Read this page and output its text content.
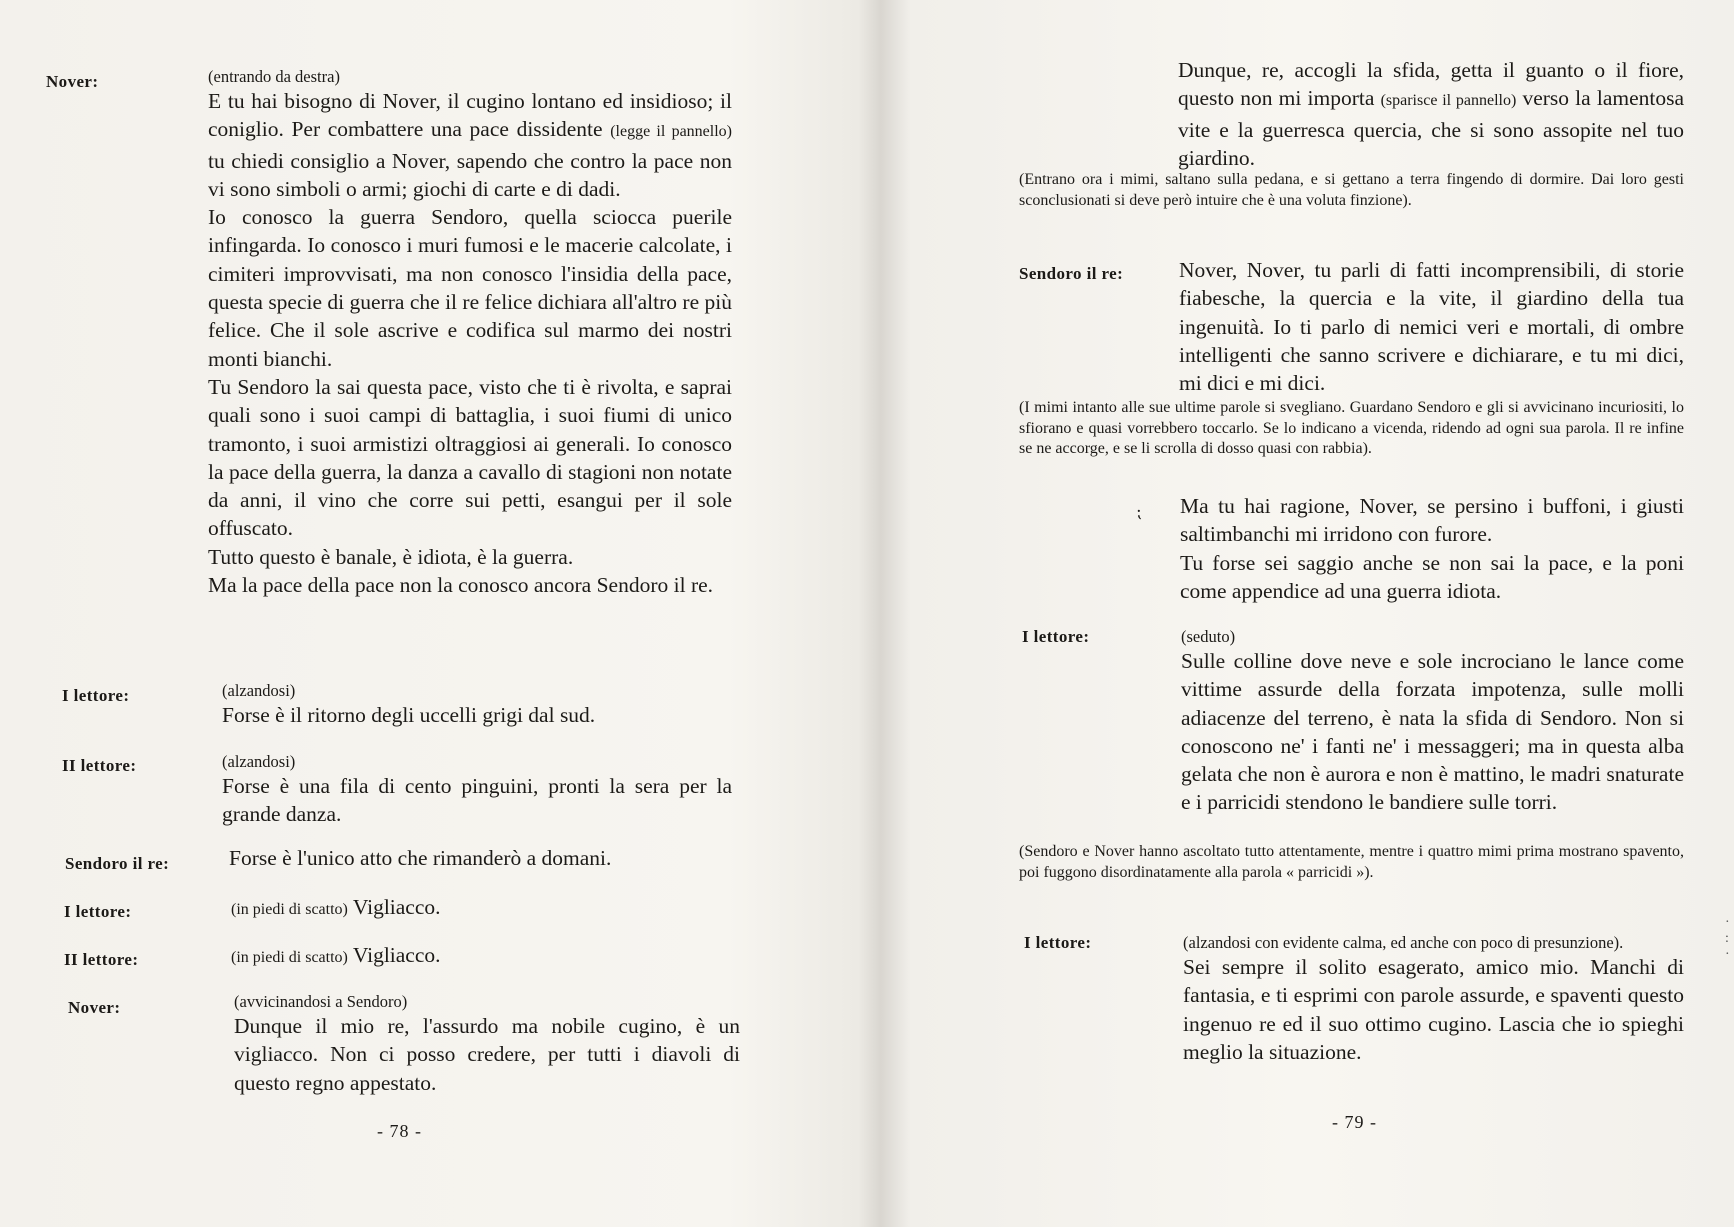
Nover:	(entrando da destra)

E tu hai bisogno di Nover, il cugino lontano ed insidioso; il coniglio. Per combattere una pace dissidente (legge il pannello) tu chiedi consiglio a Nover, sapendo che contro la pace non vi sono simboli o armi; giochi di carte e di dadi.

Io conosco la guerra Sendoro, quella sciocca puerile infingarda. Io conosco i muri fumosi e le macerie calcolate, i cimiteri improvvisati, ma non conosco l'insidia della pace, questa specie di guerra che il re felice dichiara all'altro re più felice. Che il sole ascrive e codifica sul marmo dei nostri monti bianchi.

Tu Sendoro la sai questa pace, visto che ti è rivolta, e saprai quali sono i suoi campi di battaglia, i suoi fiumi di unico tramonto, i suoi armistizi oltraggiosi ai generali. Io conosco la pace della guerra, la danza a cavallo di stagioni non notate da anni, il vino che corre sui petti, esangui per il sole offuscato.

Tutto questo è banale, è idiota, è la guerra.

Ma la pace della pace non la conosco ancora Sendoro il re.

I lettore:	(alzandosi)
Forse è il ritorno degli uccelli grigi dal sud.
II lettore:	(alzandosi)
Forse è una fila di cento pinguini, pronti la sera per la grande danza.
Sendoro il re:	Forse è l'unico atto che rimanderò a domani.
I lettore:	(in piedi di scatto) Vigliacco.
II lettore:	(in piedi di scatto) Vigliacco.
Nover:	(avvicinandosi a Sendoro)
Dunque il mio re, l'assurdo ma nobile cugino, è un vigliacco. Non ci posso credere, per tutti i diavoli di questo regno appestato.
- 78 -
Dunque, re, accogli la sfida, getta il guanto o il fiore, questo non mi importa (sparisce il pannello) verso la lamentosa vite e la guerresca quercia, che si sono assopite nel tuo giardino.
(Entrano ora i mimi, saltano sulla pedana, e si gettano a terra fingendo di dormire. Dai loro gesti sconclusionati si deve però intuire che è una voluta finzione).
Sendoro il re:	Nover, Nover, tu parli di fatti incomprensibili, di storie fiabesche, la quercia e la vite, il giardino della tua ingenuità. Io ti parlo di nemici veri e mortali, di ombre intelligenti che sanno scrivere e dichiarare, e tu mi dici, mi dici e mi dici.
(I mimi intanto alle sue ultime parole si svegliano. Guardano Sendoro e gli si avvicinano incuriositi, lo sfiorano e quasi vorrebbero toccarlo. Se lo indicano a vicenda, ridendo ad ogni sua parola. Il re infine se ne accorge, e se li scrolla di dosso quasi con rabbia).
⁏ Ma tu hai ragione, Nover, se persino i buffoni, i giusti saltimbanchi mi irridono con furore.

Tu forse sei saggio anche se non sai la pace, e la poni come appendice ad una guerra idiota.

I lettore:	(seduto)
Sulle colline dove neve e sole incrociano le lance come vittime assurde della forzata impotenza, sulle molli adiacenze del terreno, è nata la sfida di Sendoro. Non si conoscono ne' i fanti ne' i messaggeri; ma in questa alba gelata che non è aurora e non è mattino, le madri snaturate e i parricidi stendono le bandiere sulle torri.
(Sendoro e Nover hanno ascoltato tutto attentamente, mentre i quattro mimi prima mostrano spavento, poi fuggono disordinatamente alla parola « parricidi »).
I lettore:	(alzandosi con evidente calma, ed anche con poco di presunzione).
Sei sempre il solito esagerato, amico mio. Manchi di fantasia, e ti esprimi con parole assurde, e spaventi questo ingenuo re ed il suo ottimo cugino. Lascia che io spieghi meglio la situazione.
- 79 -
· : ·
